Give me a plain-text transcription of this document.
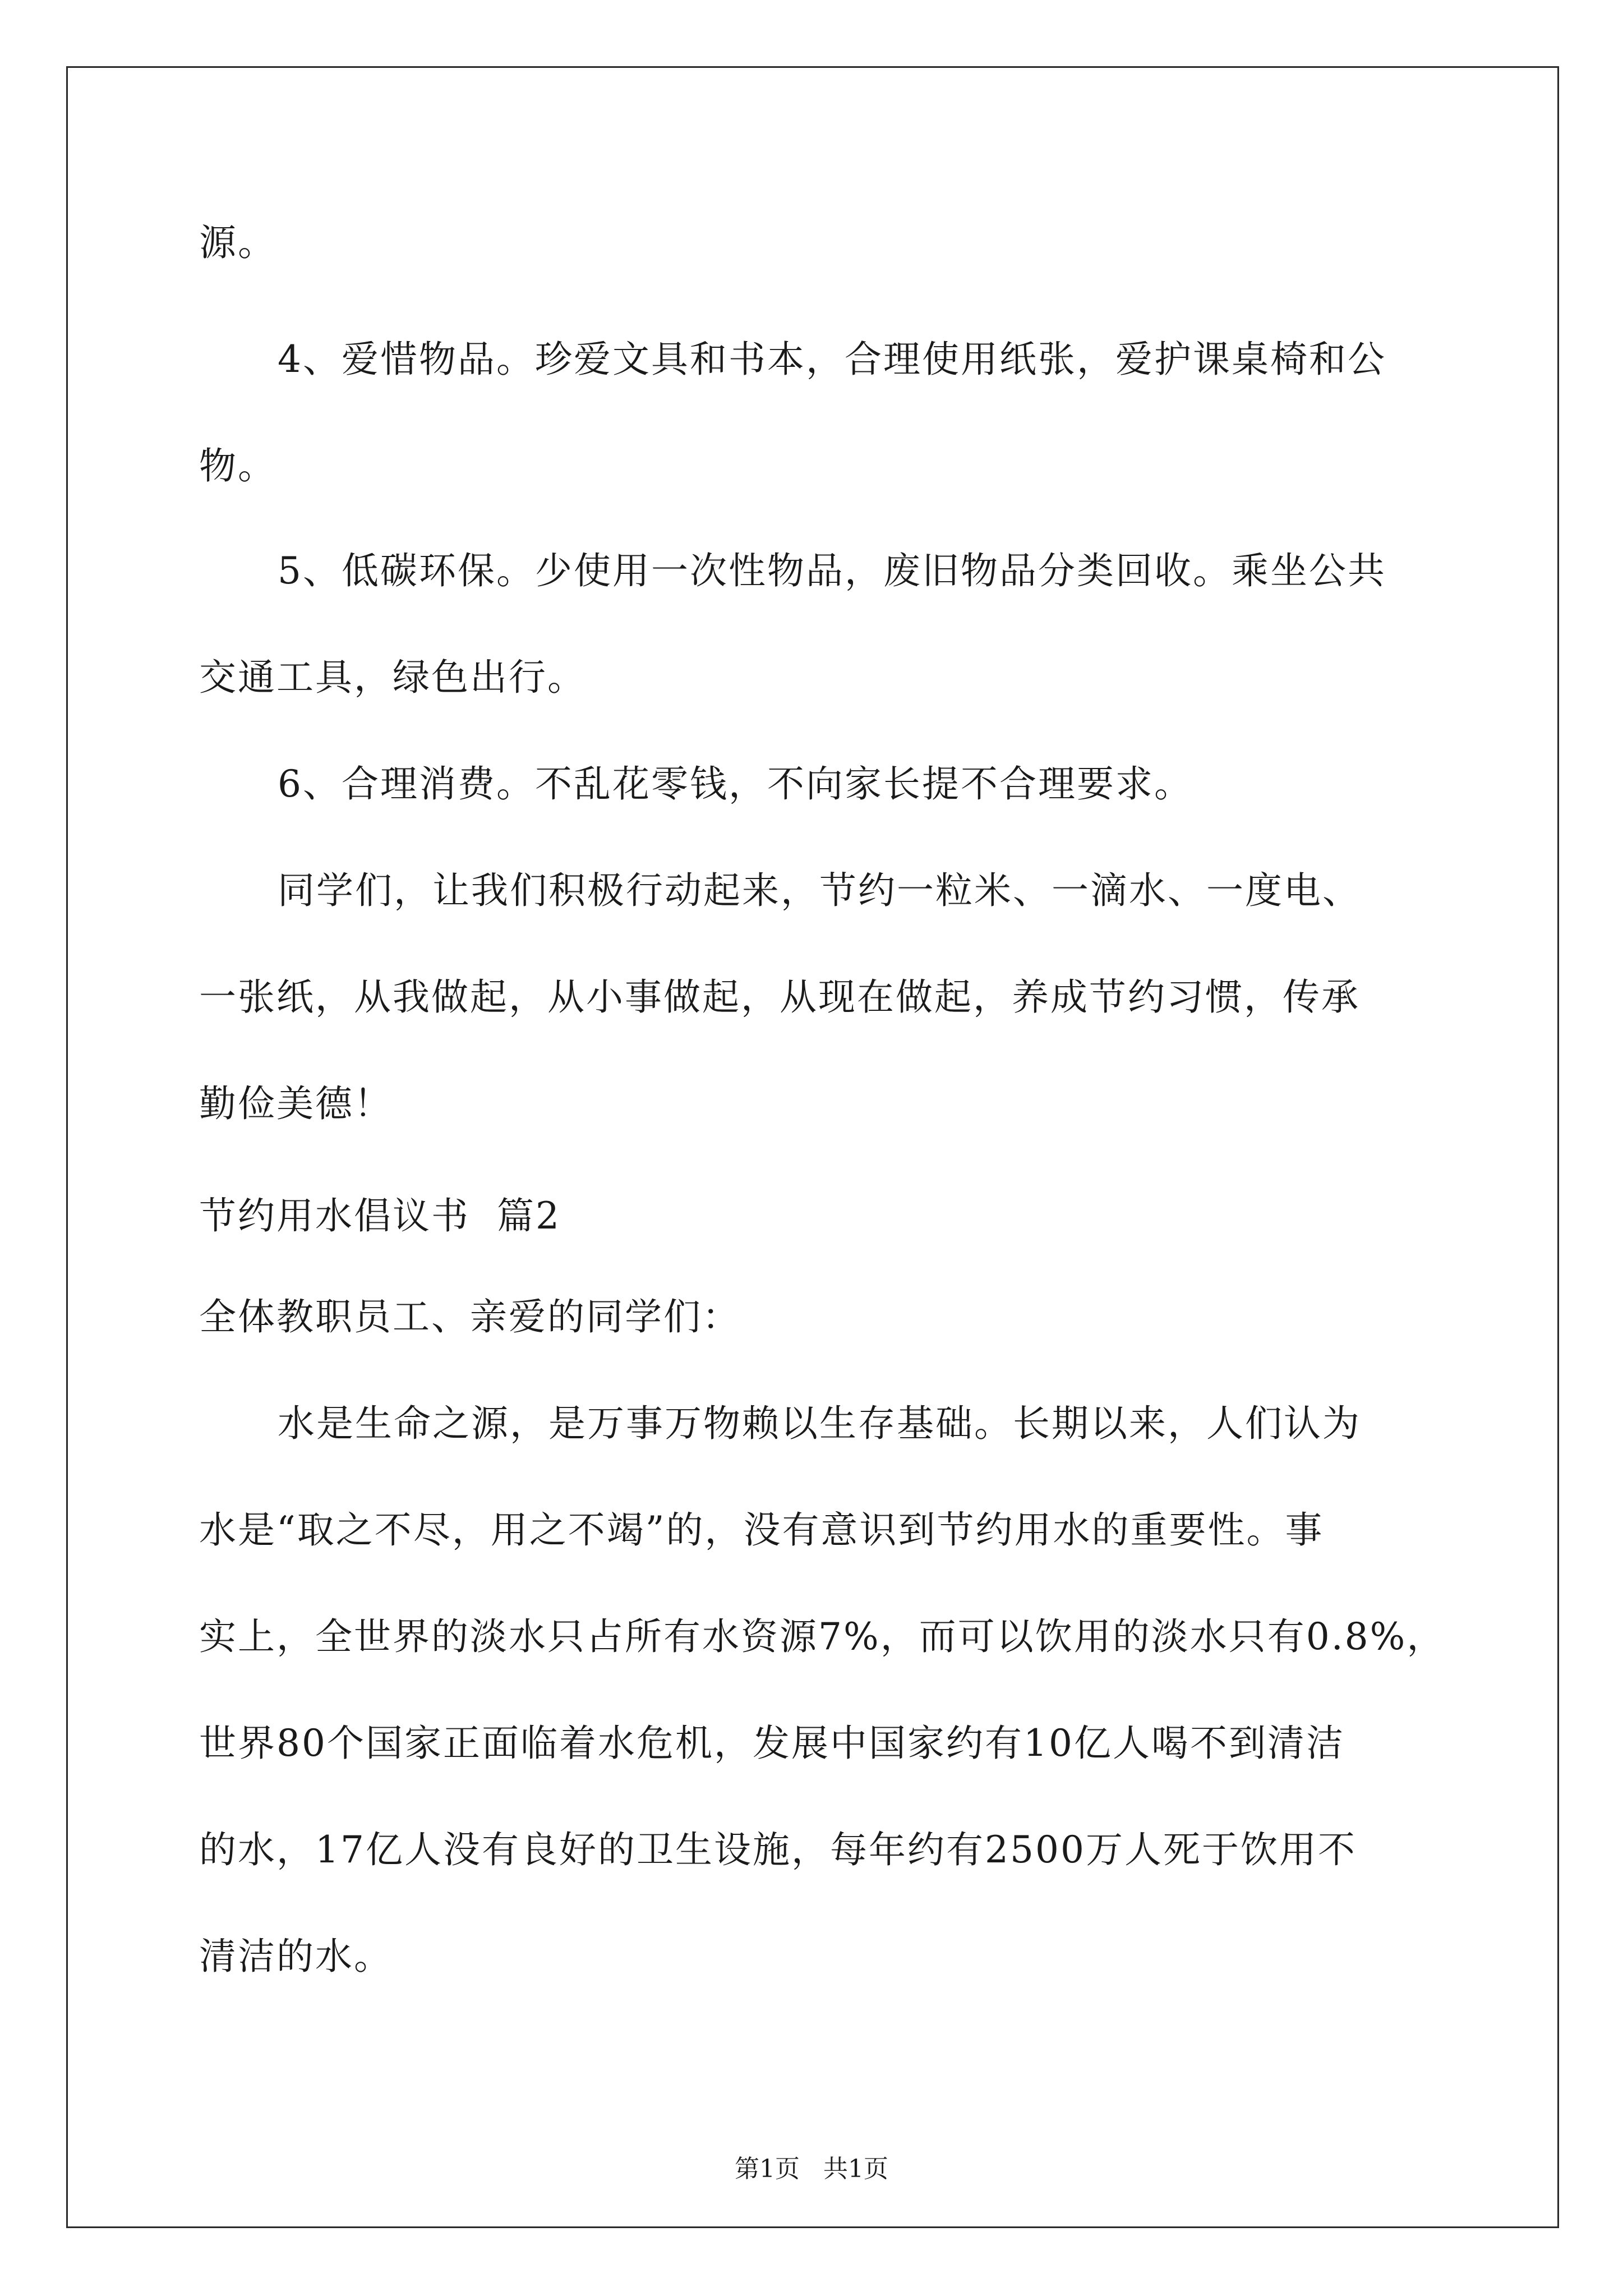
源。
4、爱惜物品。珍爱文具和书本，合理使用纸张，爱护课桌椅和公
物。
5、低碳环保。少使用一次性物品，废旧物品分类回收。乘坐公共
交通工具，绿色出行。
6、合理消费。不乱花零钱，不向家长提不合理要求。
同学们，让我们积极行动起来，节约一粒米、一滴水、一度电、
一张纸，从我做起，从小事做起，从现在做起，养成节约习惯，传承
勤俭美德！
节约用水倡议书  篇2
全体教职员工、亲爱的同学们：
水是生命之源，是万事万物赖以生存基础。长期以来，人们认为
水是“取之不尽，用之不竭”的，没有意识到节约用水的重要性。事
实上，全世界的淡水只占所有水资源7%，而可以饮用的淡水只有0.8%，
世界80个国家正面临着水危机，发展中国家约有10亿人喝不到清洁
的水，17亿人没有良好的卫生设施，每年约有2500万人死于饮用不
清洁的水。
第1页   共1页
